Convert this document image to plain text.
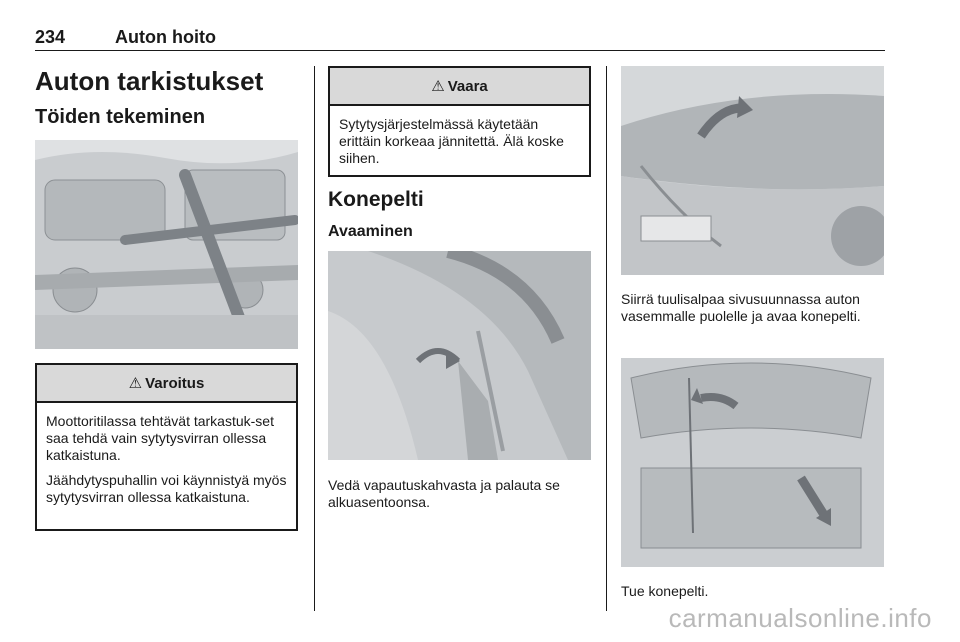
234	Auton hoito
Auton tarkistukset
Töiden tekeminen
⚠ Varoitus

Moottoritilassa tehtävät tarkastuk-set saa tehdä vain sytytysvirran ollessa katkaistuna.

Jäähdytyspuhallin voi käynnistyä myös sytytysvirran ollessa katkaistuna.

⚠ Vaara

Sytytysjärjestelmässä käytetään erittäin korkeaa jännitettä. Älä koske siihen.

Konepelti
Avaaminen

Vedä vapautuskahvasta ja palauta se alkuasentoonsa.

Siirrä tuulisalpaa sivusuunnassa auton vasemmalle puolelle ja avaa konepelti.

Tue konepelti.

carmanualsonline.info
